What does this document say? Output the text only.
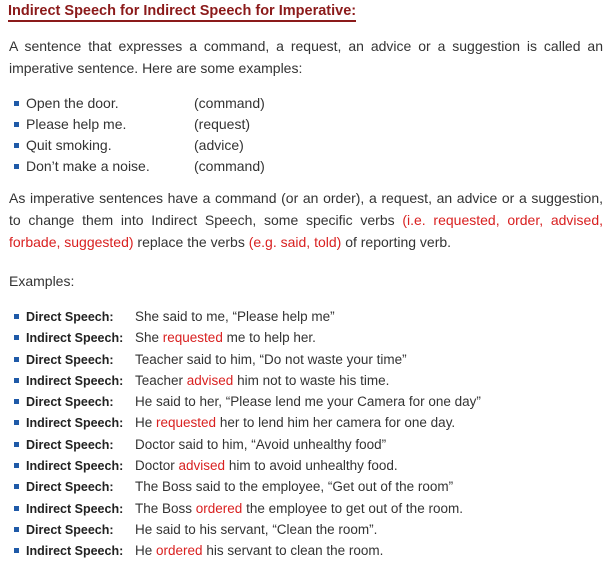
Indirect Speech for Indirect Speech for Imperative:

A sentence that expresses a command, a request, an advice or a suggestion is called an imperative sentence. Here are some examples:

Open the door.	(command)
Please help me.	(request)
Quit smoking.	(advice)
Don’t make a noise.	(command)

As imperative sentences have a command (or an order), a request, an advice or a suggestion, to change them into Indirect Speech, some specific verbs (i.e. requested, order, advised, forbade, suggested) replace the verbs (e.g. said, told) of reporting verb.

Examples:
Direct Speech: She said to me, “Please help me”
Indirect Speech: She requested me to help her.
Direct Speech: Teacher said to him, “Do not waste your time”
Indirect Speech: Teacher advised him not to waste his time.
Direct Speech: He said to her, “Please lend me your Camera for one day”
Indirect Speech: He requested her to lend him her camera for one day.
Direct Speech: Doctor said to him, “Avoid unhealthy food”
Indirect Speech: Doctor advised him to avoid unhealthy food.
Direct Speech: The Boss said to the employee, “Get out of the room”
Indirect Speech: The Boss ordered the employee to get out of the room.
Direct Speech: He said to his servant, “Clean the room”.
Indirect Speech: He ordered his servant to clean the room.
